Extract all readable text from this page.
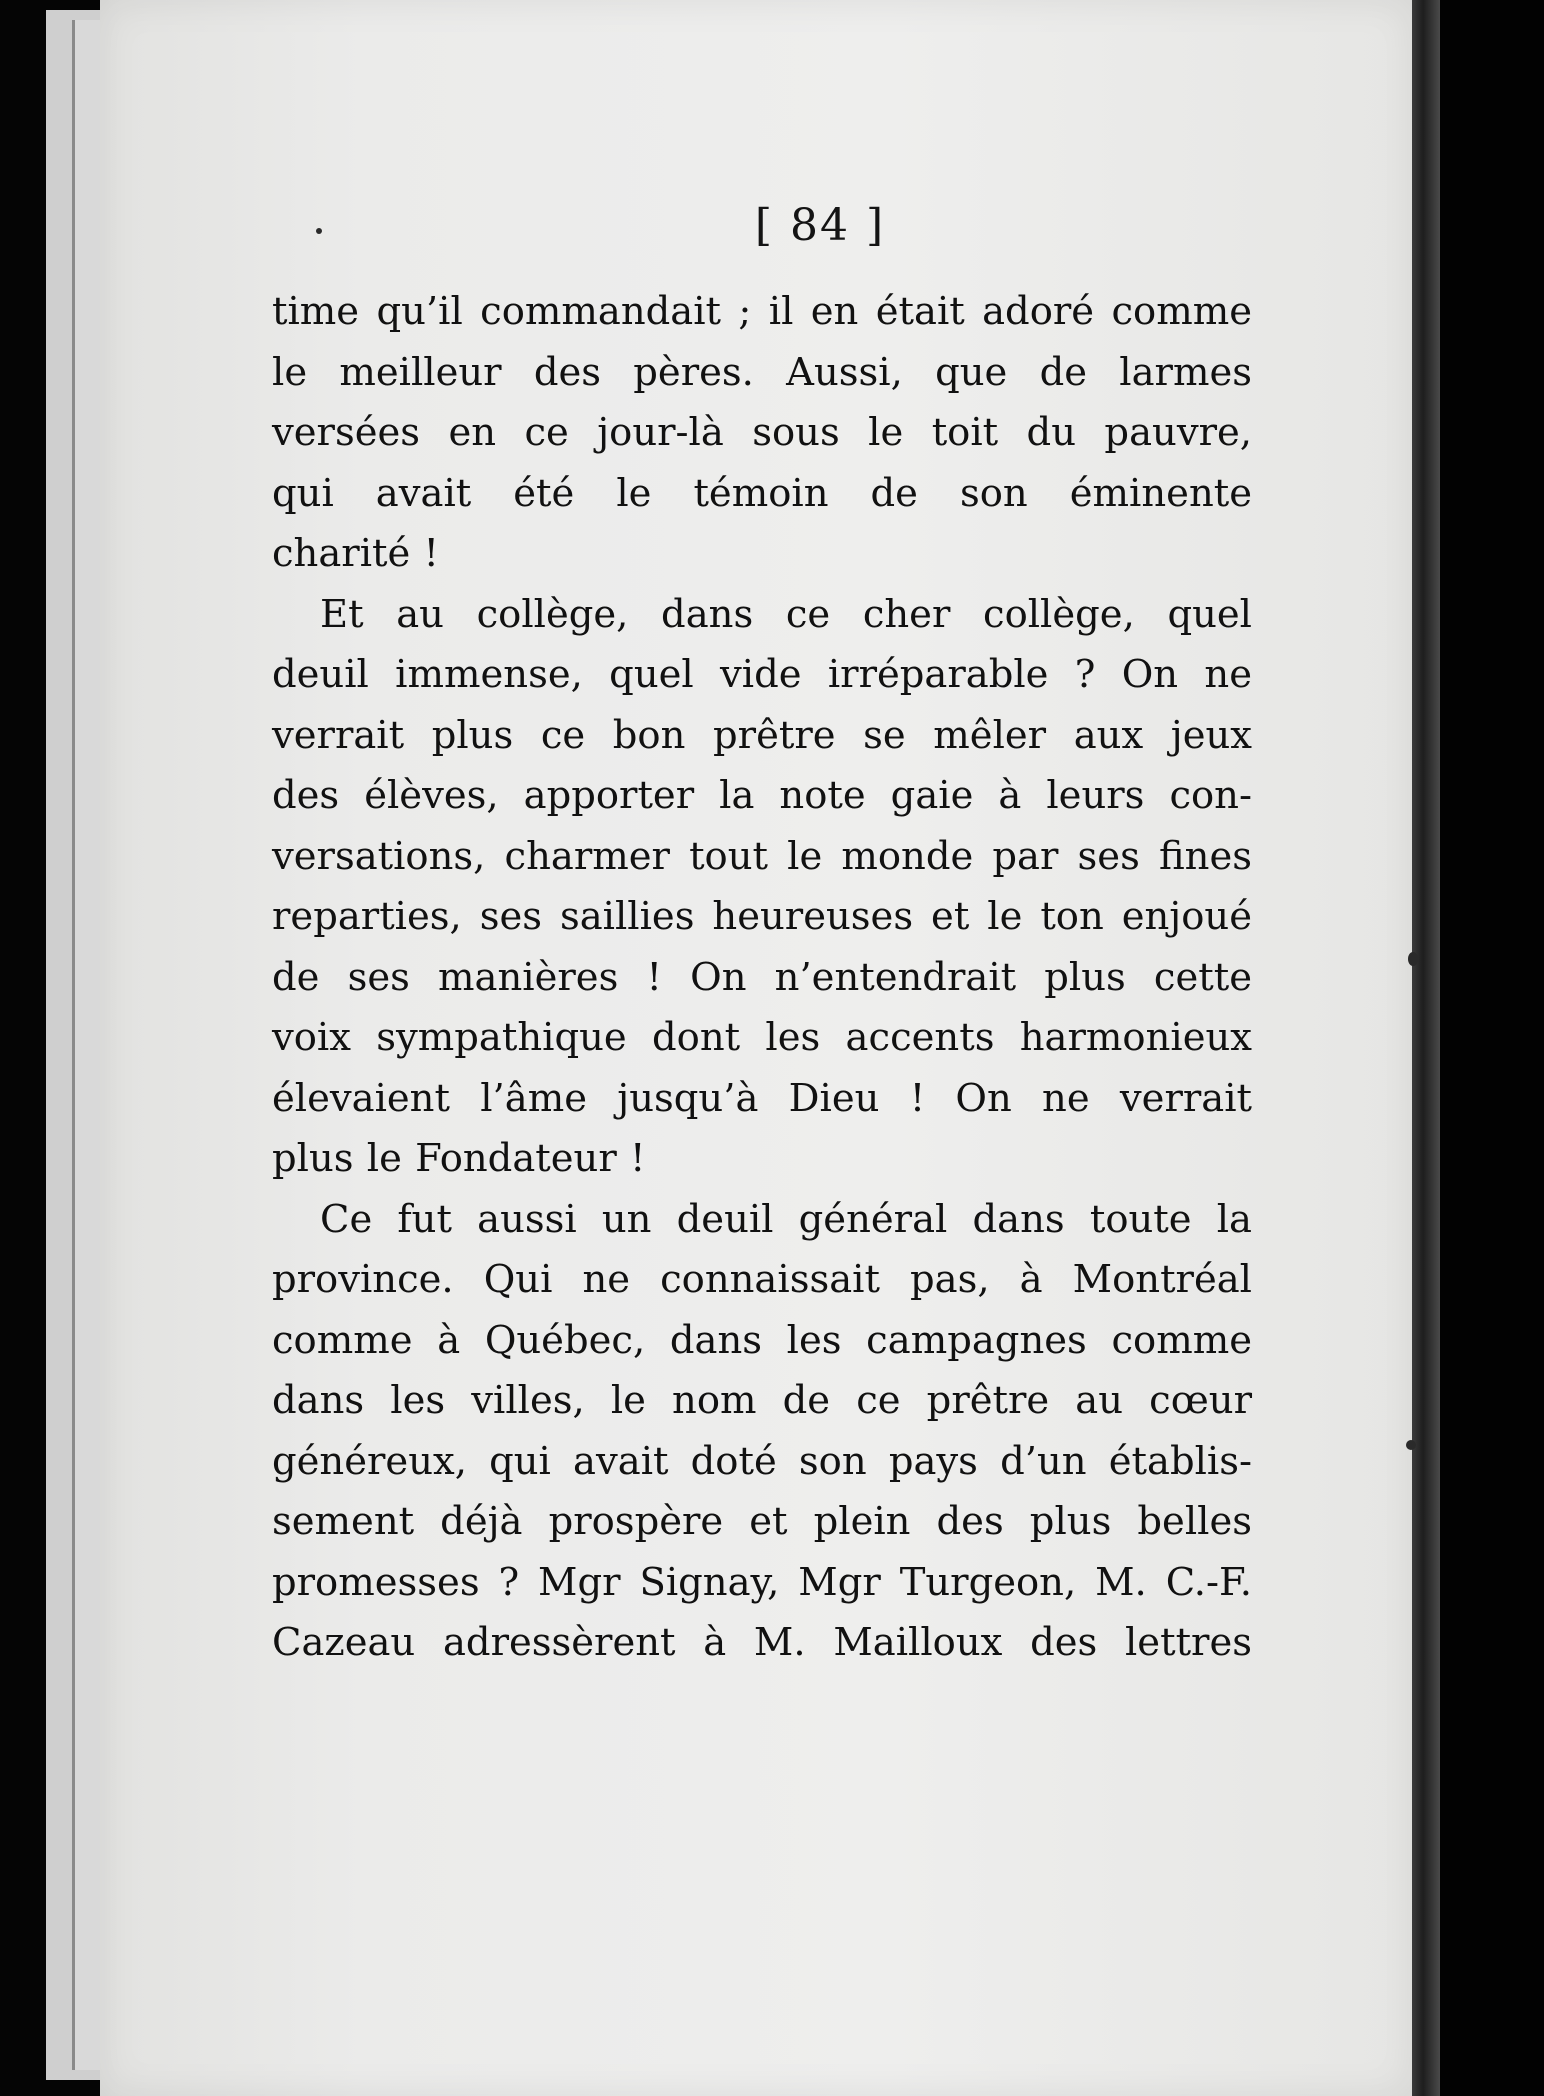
[ 84 ]

time qu’il commandait ; il en était adoré comme
le meilleur des pères. Aussi, que de larmes
versées en ce jour-là sous le toit du pauvre,
qui avait été le témoin de son éminente
charité !

Et au collège, dans ce cher collège, quel
deuil immense, quel vide irréparable ? On ne
verrait plus ce bon prêtre se mêler aux jeux
des élèves, apporter la note gaie à leurs con-
versations, charmer tout le monde par ses fines
reparties, ses saillies heureuses et le ton enjoué
de ses manières ! On n’entendrait plus cette
voix sympathique dont les accents harmonieux
élevaient l’âme jusqu’à Dieu ! On ne verrait
plus le Fondateur !

Ce fut aussi un deuil général dans toute la
province. Qui ne connaissait pas, à Montréal
comme à Québec, dans les campagnes comme
dans les villes, le nom de ce prêtre au cœur
généreux, qui avait doté son pays d’un établis-
sement déjà prospère et plein des plus belles
promesses ? Mgr Signay, Mgr Turgeon, M. C.-F.
Cazeau adressèrent à M. Mailloux des lettres
